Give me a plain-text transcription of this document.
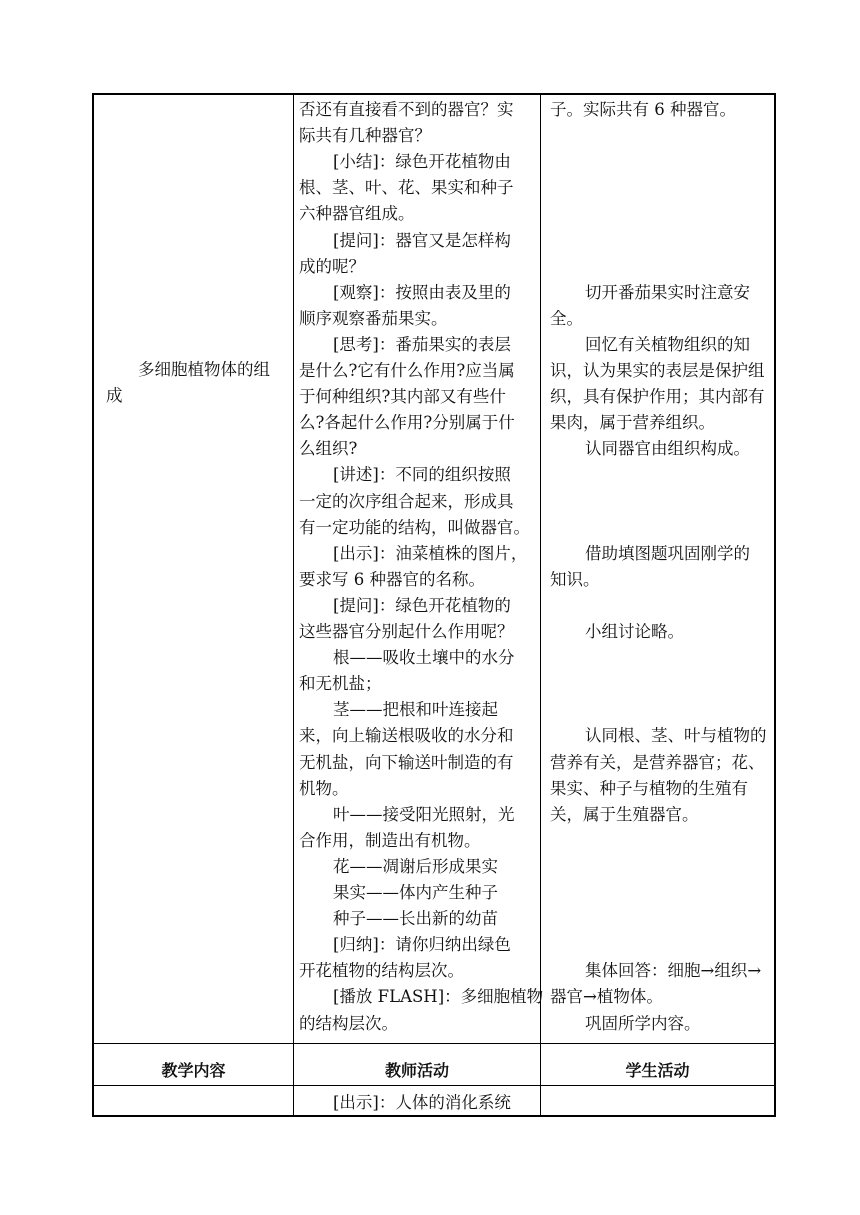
多细胞植物体的组
成
否还有直接看不到的器官？实
际共有几种器官？
[小结]：绿色开花植物由
根、茎、叶、花、果实和种子
六种器官组成。
[提问]：器官又是怎样构
成的呢？
[观察]：按照由表及里的
顺序观察番茄果实。
[思考]：番茄果实的表层
是什么?它有什么作用?应当属
于何种组织?其内部又有些什
么?各起什么作用?分别属于什
么组织?
[讲述]：不同的组织按照
一定的次序组合起来，形成具
有一定功能的结构，叫做器官。
[出示]：油菜植株的图片，
要求写 6 种器官的名称。
[提问]：绿色开花植物的
这些器官分别起什么作用呢？
根——吸收土壤中的水分
和无机盐；
茎——把根和叶连接起
来，向上输送根吸收的水分和
无机盐，向下输送叶制造的有
机物。
叶——接受阳光照射，光
合作用，制造出有机物。
花——凋谢后形成果实
果实——体内产生种子
种子——长出新的幼苗
[归纳]：请你归纳出绿色
开花植物的结构层次。
[播放 FLASH]：多细胞植物
的结构层次。
子。实际共有 6 种器官。
切开番茄果实时注意安
全。
回忆有关植物组织的知
识，认为果实的表层是保护组
织，具有保护作用；其内部有
果肉，属于营养组织。
认同器官由组织构成。
借助填图题巩固刚学的
知识。
小组讨论略。
认同根、茎、叶与植物的
营养有关，是营养器官；花、
果实、种子与植物的生殖有
关，属于生殖器官。
集体回答：细胞→组织→
器官→植物体。
巩固所学内容。
教学内容	教师活动	学生活动
[出示]：人体的消化系统
